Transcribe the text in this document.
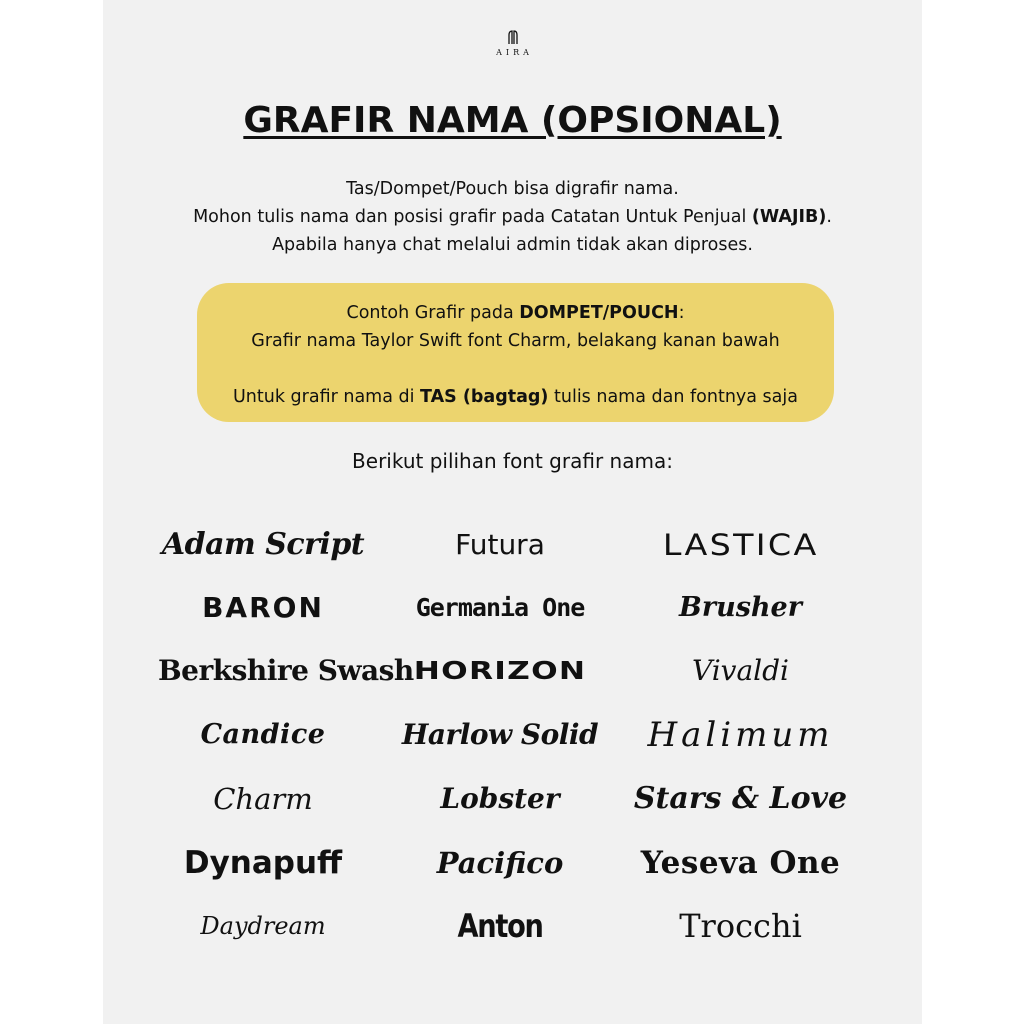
AIRA
GRAFIR NAMA (OPSIONAL)

Tas/Dompet/Pouch bisa digrafir nama.

Mohon tulis nama dan posisi grafir pada Catatan Untuk Penjual (WAJIB).

Apabila hanya chat melalui admin tidak akan diproses.

Contoh Grafir pada DOMPET/POUCH:

Grafir nama Taylor Swift font Charm, belakang kanan bawah

Untuk grafir nama di TAS (bagtag) tulis nama dan fontnya saja

Berikut pilihan font grafir nama:

Adam Script
BARON
Berkshire Swash
Candice
Charm
Dynapuff
Daydream
Futura
Germania One
HORIZON
Harlow Solid
Lobster
Pacifico
Anton
LASTICA
Brusher
Vivaldi
Halimum
Stars & Love
Yeseva One
Trocchi
